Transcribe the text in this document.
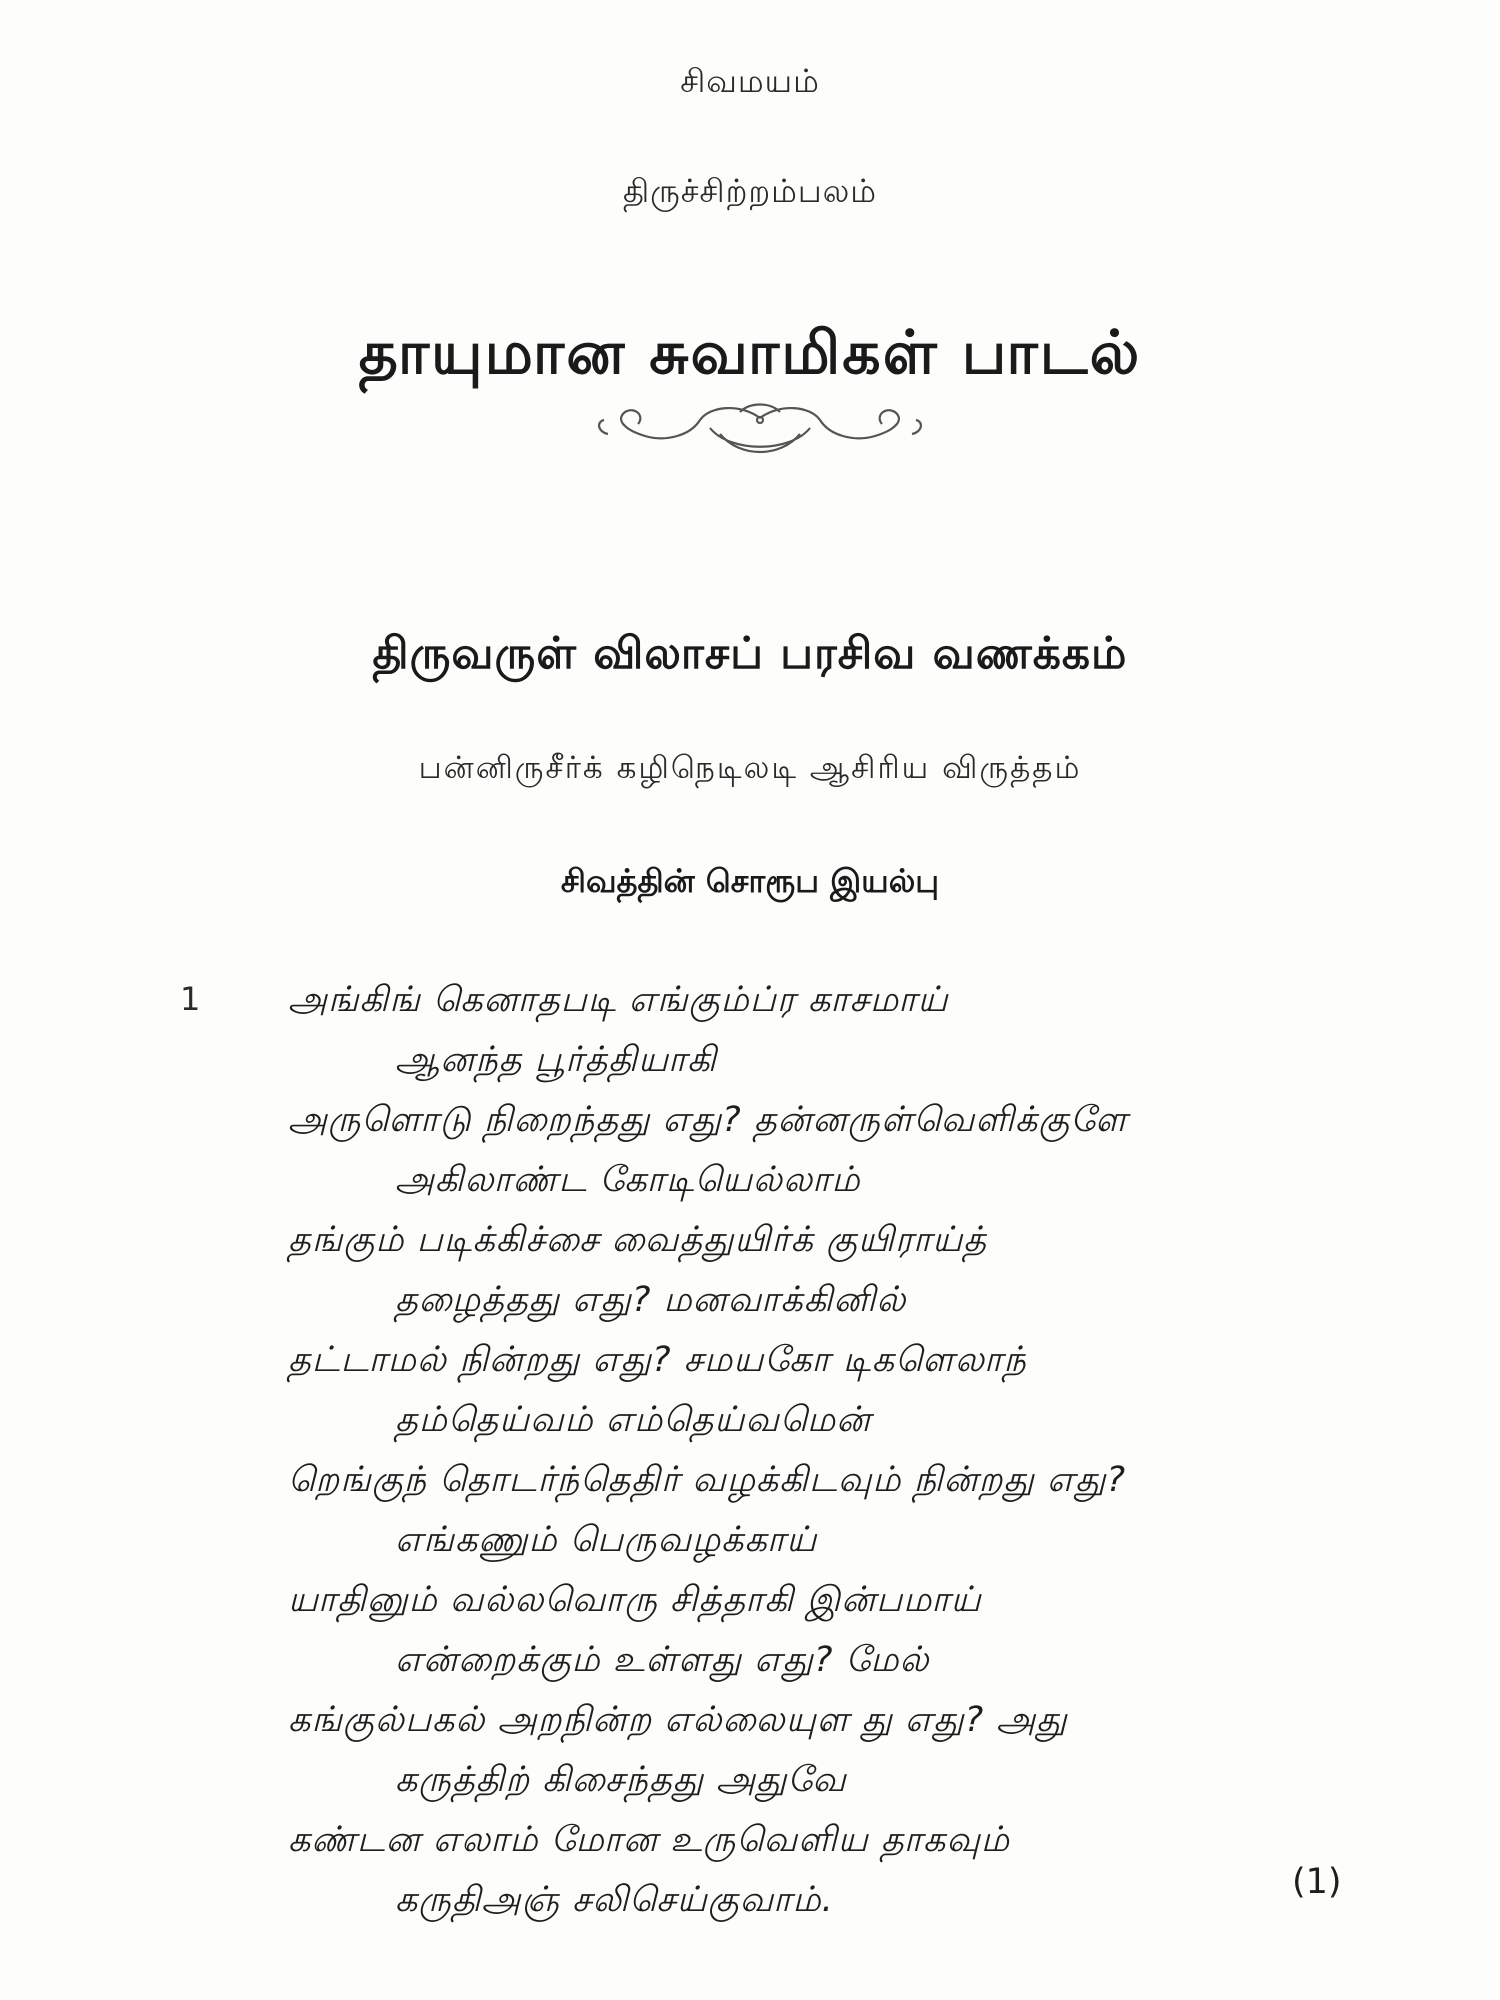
சிவமயம்
திருச்சிற்றம்பலம்
தாயுமான சுவாமிகள் பாடல்
திருவருள் விலாசப் பரசிவ வணக்கம்
பன்னிருசீர்க் கழிநெடிலடி ஆசிரிய விருத்தம்
சிவத்தின் சொரூப இயல்பு
1	அங்கிங் கெனாதபடி எங்கும்ப்ர காசமாய்
ஆனந்த பூர்த்தியாகி
அருளொடு நிறைந்தது எது? தன்னருள்வெளிக்குளே
அகிலாண்ட கோடியெல்லாம்
தங்கும் படிக்கிச்சை வைத்துயிர்க் குயிராய்த்
தழைத்தது எது? மனவாக்கினில்
தட்டாமல் நின்றது எது? சமயகோ டிகளெலாந்
தம்தெய்வம் எம்தெய்வமென்
றெங்குந் தொடர்ந்தெதிர் வழக்கிடவும் நின்றது எது?
எங்கணும் பெருவழக்காய்
யாதினும் வல்லவொரு சித்தாகி இன்பமாய்
என்றைக்கும் உள்ளது எது? மேல்
கங்குல்பகல் அறநின்ற எல்லையுள து எது? அது
கருத்திற் கிசைந்தது அதுவே
கண்டன எலாம் மோன உருவெளிய தாகவும்
கருதிஅஞ் சலிசெய்குவாம்.	(1)
